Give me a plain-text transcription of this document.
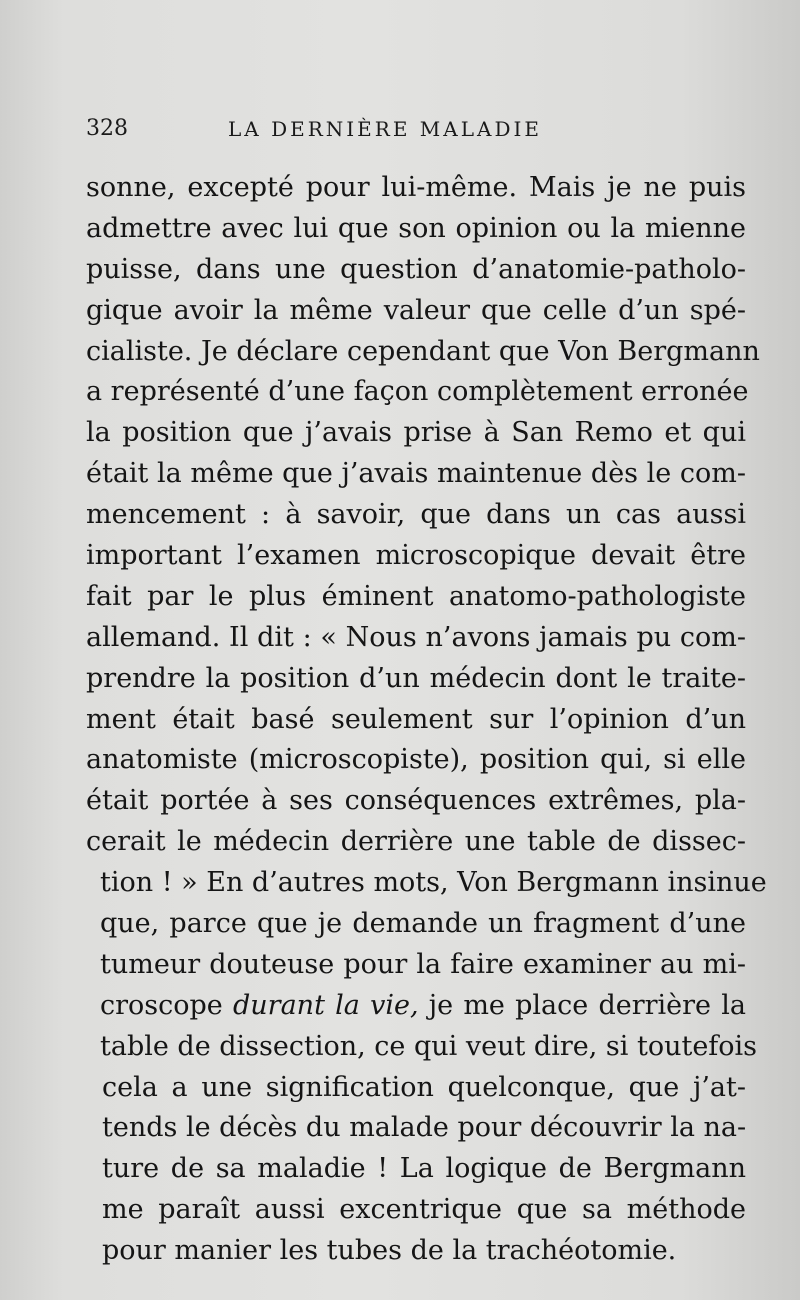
328	LA DERNIÈRE MALADIE
sonne, excepté pour lui-même. Mais je ne puis
admettre avec lui que son opinion ou la mienne
puisse, dans une question d’anatomie-patholo-
gique avoir la même valeur que celle d’un spé-
cialiste. Je déclare cependant que Von Bergmann
a représenté d’une façon complètement erronée
la position que j’avais prise à San Remo et qui
était la même que j’avais maintenue dès le com-
mencement : à savoir, que dans un cas aussi
important l’examen microscopique devait être
fait par le plus éminent anatomo-pathologiste
allemand. Il dit : « Nous n’avons jamais pu com-
prendre la position d’un médecin dont le traite-
ment était basé seulement sur l’opinion d’un
anatomiste (microscopiste), position qui, si elle
était portée à ses conséquences extrêmes, pla-
cerait le médecin derrière une table de dissec-
tion ! » En d’autres mots, Von Bergmann insinue
que, parce que je demande un fragment d’une
tumeur douteuse pour la faire examiner au mi-
croscope durant la vie, je me place derrière la
table de dissection, ce qui veut dire, si toutefois
cela a une signification quelconque, que j’at-
tends le décès du malade pour découvrir la na-
ture de sa maladie ! La logique de Bergmann
me paraît aussi excentrique que sa méthode
pour manier les tubes de la trachéotomie.
